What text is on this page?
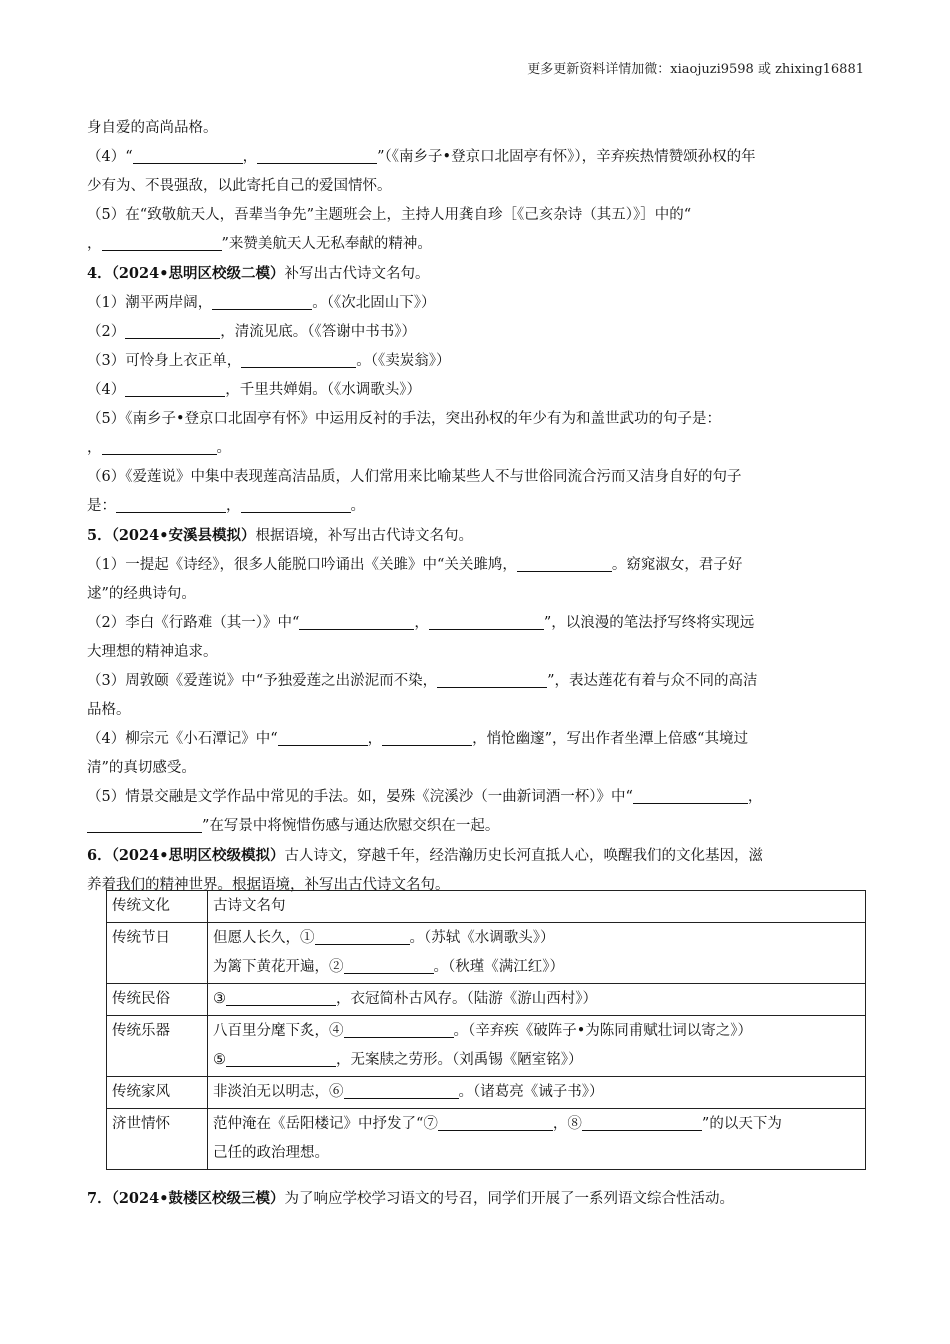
更多更新资料详情加微：xiaojuzi9598 或 zhixing16881
身自爱的高尚品格。
（4）“	，	”（《南乡子•登京口北固亭有怀》），辛弃疾热情赞颂孙权的年
少有为、不畏强敌，以此寄托自己的爱国情怀。
（5）在“致敬航天人，吾辈当争先”主题班会上，主持人用龚自珍［《己亥杂诗（其五）》］中的“
，	”来赞美航天人无私奉献的精神。
4．（2024•思明区校级二模）补写出古代诗文名句。
（1）潮平两岸阔，	。（《次北固山下》）
（2）	，清流见底。（《答谢中书书》）
（3）可怜身上衣正单，	。（《卖炭翁》）
（4）	，千里共婵娟。（《水调歌头》）
（5）《南乡子•登京口北固亭有怀》中运用反衬的手法，突出孙权的年少有为和盖世武功的句子是：
，	。
（6）《爱莲说》中集中表现莲高洁品质，人们常用来比喻某些人不与世俗同流合污而又洁身自好的句子
是：	，	。
5．（2024•安溪县模拟）根据语境，补写出古代诗文名句。
（1）一提起《诗经》，很多人能脱口吟诵出《关雎》中“关关雎鸠，	。窈窕淑女，君子好
逑”的经典诗句。
（2）李白《行路难（其一）》中“	，	”，以浪漫的笔法抒写终将实现远
大理想的精神追求。
（3）周敦颐《爱莲说》中“予独爱莲之出淤泥而不染，	”，表达莲花有着与众不同的高洁
品格。
（4）柳宗元《小石潭记》中“	，	，悄怆幽邃”，写出作者坐潭上倍感“其境过
清”的真切感受。
（5）情景交融是文学作品中常见的手法。如，晏殊《浣溪沙（一曲新词酒一杯）》中“	，
”在写景中将惋惜伤感与通达欣慰交织在一起。
6．（2024•思明区校级模拟）古人诗文，穿越千年，经浩瀚历史长河直抵人心，唤醒我们的文化基因，滋
养着我们的精神世界。根据语境，补写出古代诗文名句。
传统文化	古诗文名句
传统节日	但愿人长久，① 。（苏轼《水调歌头》）
为篱下黄花开遍，② 。（秋瑾《满江红》）

传统民俗	③ ，衣冠简朴古风存。（陆游《游山西村》）
传统乐器	八百里分麾下炙，④ 。（辛弃疾《破阵子•为陈同甫赋壮词以寄之》）
⑤ ，无案牍之劳形。（刘禹锡《陋室铭》）

传统家风	非淡泊无以明志，⑥ 。（诸葛亮《诫子书》）
济世情怀	范仲淹在《岳阳楼记》中抒发了“⑦ ，⑧ ”的以天下为
己任的政治理想。
7．（2024•鼓楼区校级三模）为了响应学校学习语文的号召，同学们开展了一系列语文综合性活动。
